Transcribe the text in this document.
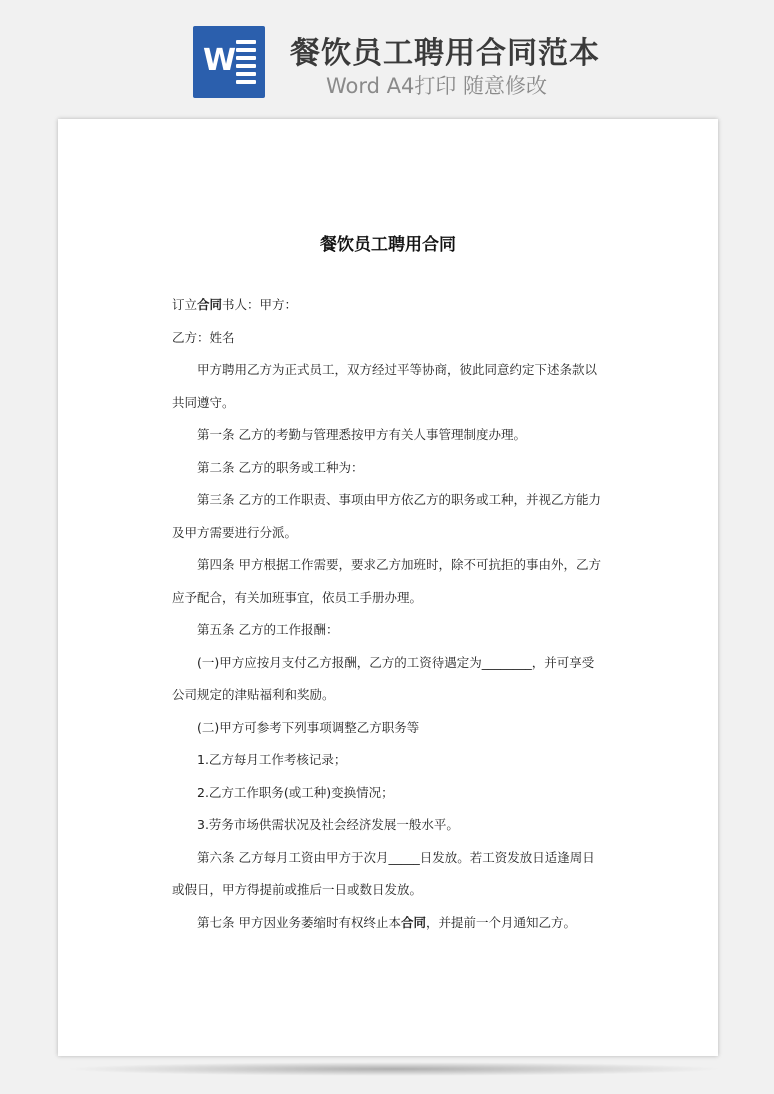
W 餐饮员工聘用合同范本
Word A4打印 随意修改
餐饮员工聘用合同

订立合同书人：甲方：

乙方：姓名

甲方聘用乙方为正式员工，双方经过平等协商，彼此同意约定下述条款以共同遵守。

第一条 乙方的考勤与管理悉按甲方有关人事管理制度办理。

第二条 乙方的职务或工种为：

第三条 乙方的工作职责、事项由甲方依乙方的职务或工种，并视乙方能力及甲方需要进行分派。

第四条 甲方根据工作需要，要求乙方加班时，除不可抗拒的事由外，乙方应予配合，有关加班事宜，依员工手册办理。

第五条 乙方的工作报酬：

(一)甲方应按月支付乙方报酬，乙方的工资待遇定为________，并可享受公司规定的津贴福利和奖励。

(二)甲方可参考下列事项调整乙方职务等

1.乙方每月工作考核记录；

2.乙方工作职务(或工种)变换情况；

3.劳务市场供需状况及社会经济发展一般水平。

第六条 乙方每月工资由甲方于次月_____日发放。若工资发放日适逢周日或假日，甲方得提前或推后一日或数日发放。

第七条 甲方因业务萎缩时有权终止本合同，并提前一个月通知乙方。
